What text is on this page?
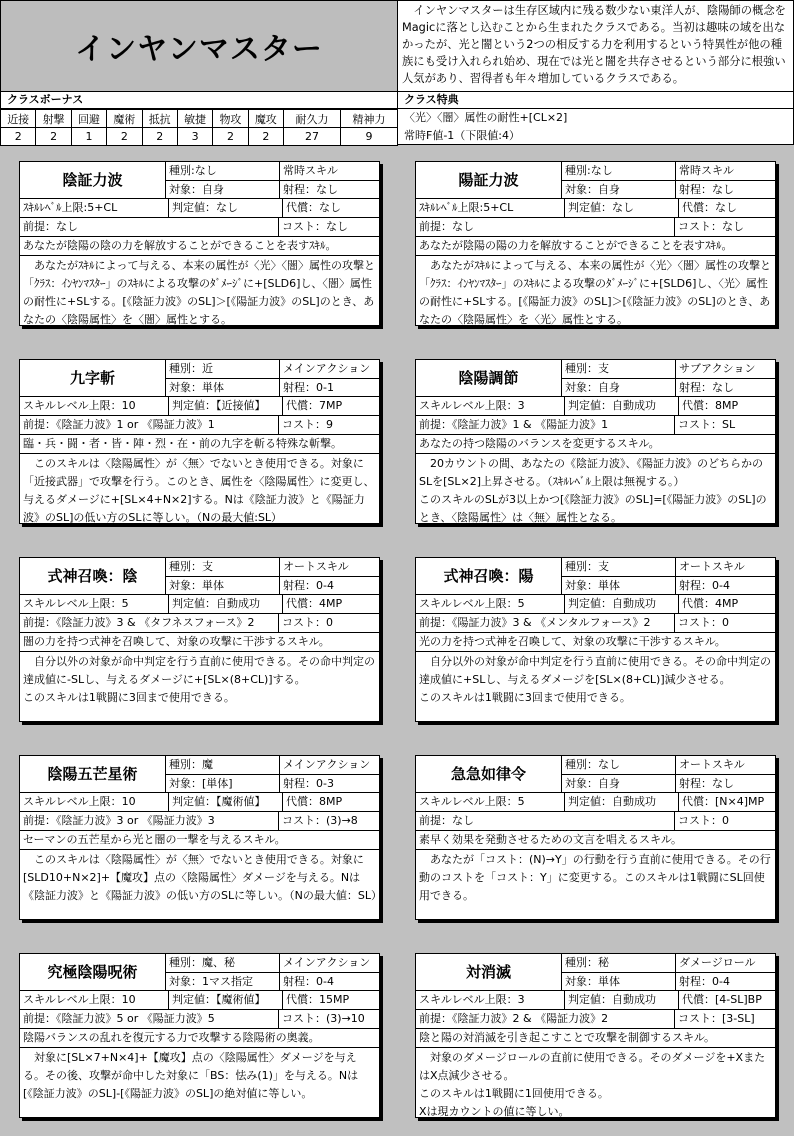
インヤンマスター
インヤンマスターは生存区域内に残る数少ない東洋人が、陰陽師の概念をMagicに落とし込むことから生まれたクラスである。当初は趣味の域を出なかったが、光と闇という2つの相反する力を利用するという特異性が他の種族にも受け入れられ始め、現在では光と闇を共存させるという部分に根強い人気があり、習得者も年々増加しているクラスである。
クラスボーナス
近接	射撃	回避	魔術	抵抗	敏捷	物攻	魔攻	耐久力	精神力
2	2	1	2	2	3	2	2	27	9
クラス特典
〈光〉〈闇〉属性の耐性+[CL×2]
常時F値-1（下限値:4）
陰証力波	種別:なし	常時スキル
対象：自身	射程：なし
ｽｷﾙﾚﾍﾞﾙ上限:5+CL	判定値：なし	代償：なし
前提：なし	コスト：なし
あなたが陰陽の陰の力を解放することができることを表すｽｷﾙ。

あなたがｽｷﾙによって与える、本来の属性が〈光〉〈闇〉属性の攻撃と「ｸﾗｽ：ｲﾝﾔﾝﾏｽﾀｰ」のｽｷﾙによる攻撃のﾀﾞﾒｰｼﾞに+[SLD6]し、〈闇〉属性の耐性に+SLする。[《陰証力波》のSL]＞[《陽証力波》のSL]のとき、あなたの〈陰陽属性〉を〈闇〉属性とする。

陽証力波	種別:なし	常時スキル
対象：自身	射程：なし
ｽｷﾙﾚﾍﾞﾙ上限:5+CL	判定値：なし	代償：なし
前提：なし	コスト：なし
あなたが陰陽の陽の力を解放することができることを表すｽｷﾙ。

あなたがｽｷﾙによって与える、本来の属性が〈光〉〈闇〉属性の攻撃と「ｸﾗｽ：ｲﾝﾔﾝﾏｽﾀｰ」のｽｷﾙによる攻撃のﾀﾞﾒｰｼﾞに+[SLD6]し、〈光〉属性の耐性に+SLする。[《陽証力波》のSL]＞[《陰証力波》のSL]のとき、あなたの〈陰陽属性〉を〈光〉属性とする。

九字斬	種別：近	メインアクション
対象：単体	射程：0-1
スキルレベル上限：10	判定値：【近接値】	代償：7MP
前提：《陰証力波》1 or 《陽証力波》1	コスト：9
臨・兵・闘・者・皆・陣・烈・在・前の九字を斬る特殊な斬撃。

このスキルは〈陰陽属性〉が〈無〉でないとき使用できる。対象に「近接武器」で攻撃を行う。このとき、属性を〈陰陽属性〉に変更し、与えるダメージに+[SL×4+N×2]する。Nは《陰証力波》と《陽証力波》のSL]の低い方のSLに等しい。（Nの最大値:SL）

陰陽調節	種別：支	サブアクション
対象：自身	射程：なし
スキルレベル上限：3	判定値：自動成功	代償：8MP
前提：《陰証力波》1 & 《陽証力波》1	コスト：SL
あなたの持つ陰陽のバランスを変更するスキル。

20カウントの間、あなたの《陰証力波》、《陽証力波》のどちらかのSLを[SL×2]上昇させる。（ｽｷﾙﾚﾍﾞﾙ上限は無視する。）

このスキルのSLが3以上かつ[《陰証力波》のSL]=[《陽証力波》のSL]のとき、〈陰陽属性〉は〈無〉属性となる。

式神召喚：陰	種別：支	オートスキル
対象：単体	射程：0-4
スキルレベル上限：5	判定値：自動成功	代償：4MP
前提：《陰証力波》3 & 《タフネスフォース》2	コスト：0
闇の力を持つ式神を召喚して、対象の攻撃に干渉するスキル。

自分以外の対象が命中判定を行う直前に使用できる。その命中判定の達成値に-SLし、与えるダメージに+[SL×(8+CL)]する。

このスキルは1戦闘に3回まで使用できる。

式神召喚：陽	種別：支	オートスキル
対象：単体	射程：0-4
スキルレベル上限：5	判定値：自動成功	代償：4MP
前提：《陽証力波》3 & 《メンタルフォース》2	コスト：0
光の力を持つ式神を召喚して、対象の攻撃に干渉するスキル。

自分以外の対象が命中判定を行う直前に使用できる。その命中判定の達成値に+SLし、与えるダメージを[SL×(8+CL)]減少させる。

このスキルは1戦闘に3回まで使用できる。

陰陽五芒星術	種別：魔	メインアクション
対象：[単体]	射程：0-3
スキルレベル上限：10	判定値：【魔術値】	代償：8MP
前提：《陰証力波》3 or 《陽証力波》3	コスト：(3)→8
セーマンの五芒星から光と闇の一撃を与えるスキル。

このスキルは〈陰陽属性〉が〈無〉でないとき使用できる。対象に[SLD10+N×2]+【魔攻】点の〈陰陽属性〉ダメージを与える。Nは《陰証力波》と《陽証力波》の低い方のSLに等しい。（Nの最大値：SL）

急急如律令	種別：なし	オートスキル
対象：自身	射程：なし
スキルレベル上限：5	判定値：自動成功	代償：[N×4]MP
前提：なし	コスト：0
素早く効果を発動させるための文言を唱えるスキル。

あなたが「コスト：(N)→Y」の行動を行う直前に使用できる。その行動のコストを「コスト：Y」に変更する。このスキルは1戦闘にSL回使用できる。

究極陰陽呪術	種別：魔、秘	メインアクション
対象：1マス指定	射程：0-4
スキルレベル上限：10	判定値：【魔術値】	代償：15MP
前提：《陰証力波》5 or 《陽証力波》5	コスト：(3)→10
陰陽バランスの乱れを復元する力で攻撃する陰陽術の奥義。

対象に[SL×7+N×4]+【魔攻】点の〈陰陽属性〉ダメージを与える。その後、攻撃が命中した対象に「BS：怯み(1)」を与える。Nは[《陰証力波》のSL]-[《陽証力波》のSL]の絶対値に等しい。

対消滅	種別：秘	ダメージロール
対象：単体	射程：0-4
スキルレベル上限：3	判定値：自動成功	代償：[4-SL]BP
前提：《陰証力波》2 & 《陽証力波》2	コスト：[3-SL]
陰と陽の対消滅を引き起こすことで攻撃を制御するスキル。

対象のダメージロールの直前に使用できる。そのダメージを+XまたはX点減少させる。

このスキルは1戦闘に1回使用できる。

Xは現カウントの値に等しい。
